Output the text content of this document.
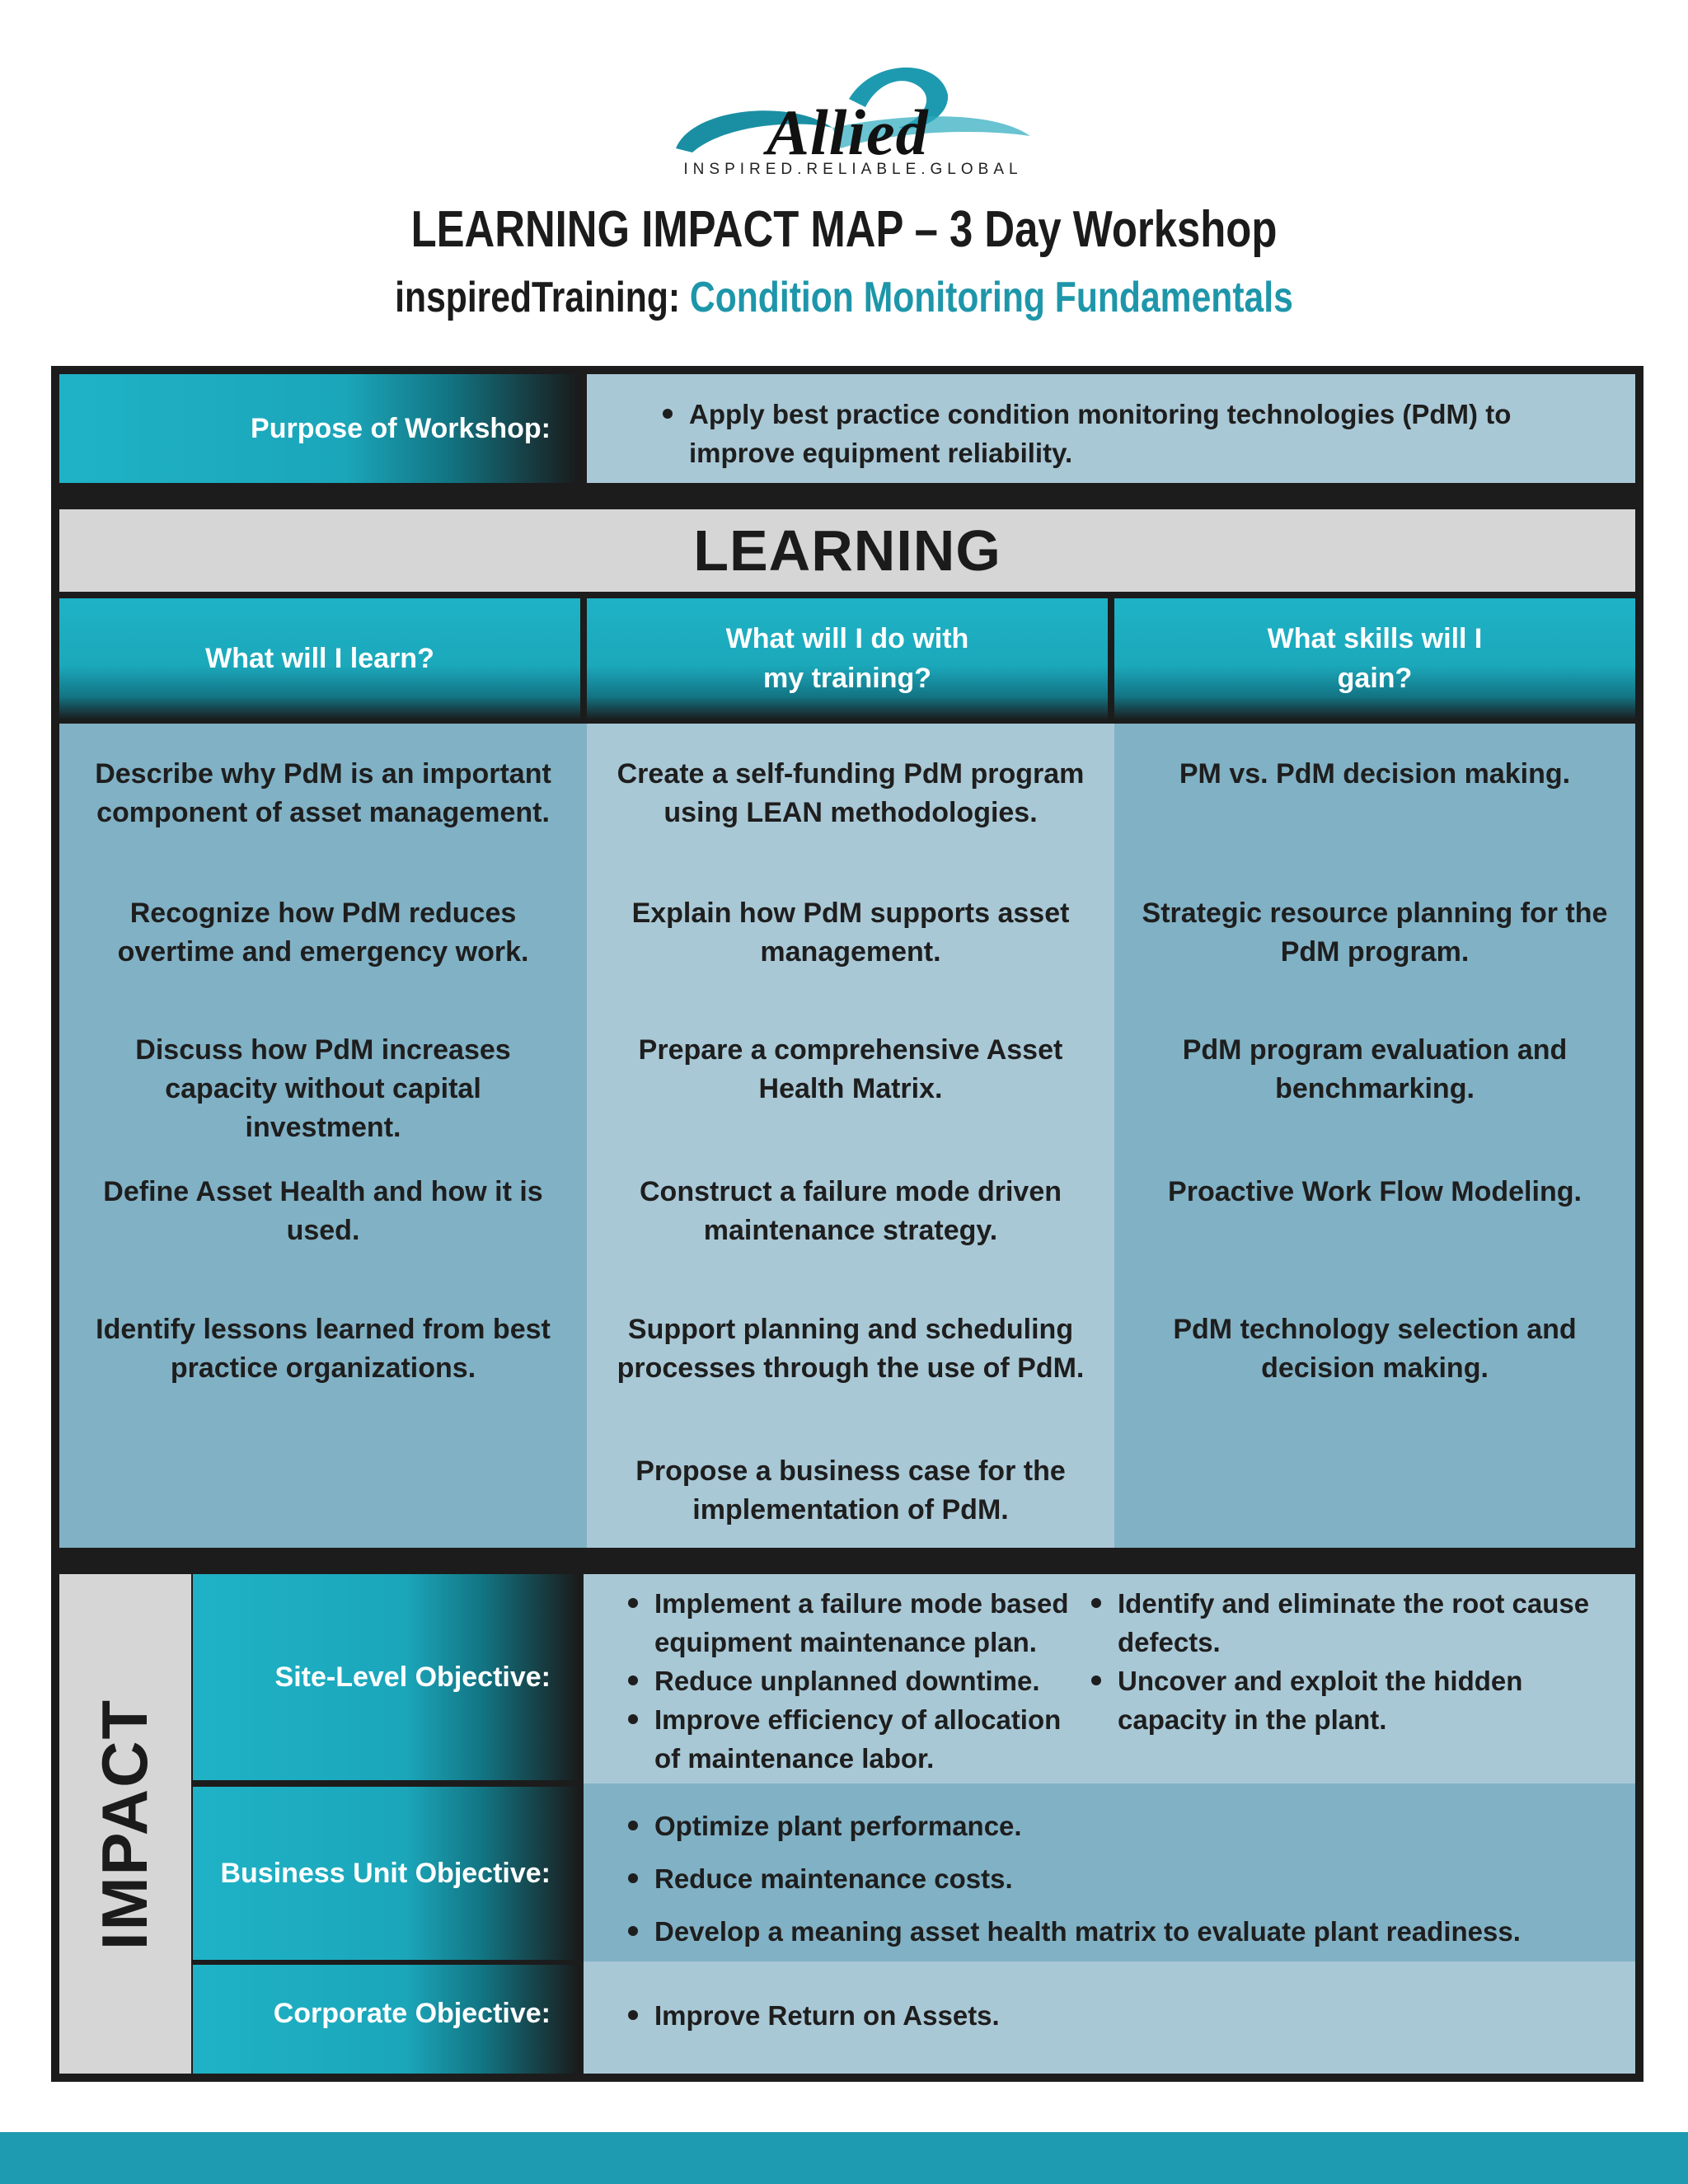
Allied
INSPIRED.RELIABLE.GLOBAL
LEARNING IMPACT MAP – 3 Day Workshop
inspiredTraining: Condition Monitoring Fundamentals
Purpose of Workshop:	Apply best practice condition monitoring technologies (PdM) to improve equipment reliability.
LEARNING
What will I learn?
What will I do with my training?
What skills will I gain?
Describe why PdM is an important component of asset management.
Recognize how PdM reduces overtime and emergency work.
Discuss how PdM increases capacity without capital investment.
Define Asset Health and how it is used.
Identify lessons learned from best practice organizations.
Create a self-funding PdM program using LEAN methodologies.
Explain how PdM supports asset management.
Prepare a comprehensive Asset Health Matrix.
Construct a failure mode driven maintenance strategy.
Support planning and scheduling processes through the use of PdM.
Propose a business case for the implementation of PdM.
PM vs. PdM decision making.
Strategic resource planning for the PdM program.
PdM program evaluation and benchmarking.
Proactive Work Flow Modeling.
PdM technology selection and decision making.
IMPACT
Site-Level Objective:
Implement a failure mode based equipment maintenance plan.
Reduce unplanned downtime.
Improve efficiency of allocation of maintenance labor.
Identify and eliminate the root cause defects.
Uncover and exploit the hidden capacity in the plant.
Business Unit Objective:
Optimize plant performance.
Reduce maintenance costs.
Develop a meaning asset health matrix to evaluate plant readiness.
Corporate Objective:	Improve Return on Assets.
